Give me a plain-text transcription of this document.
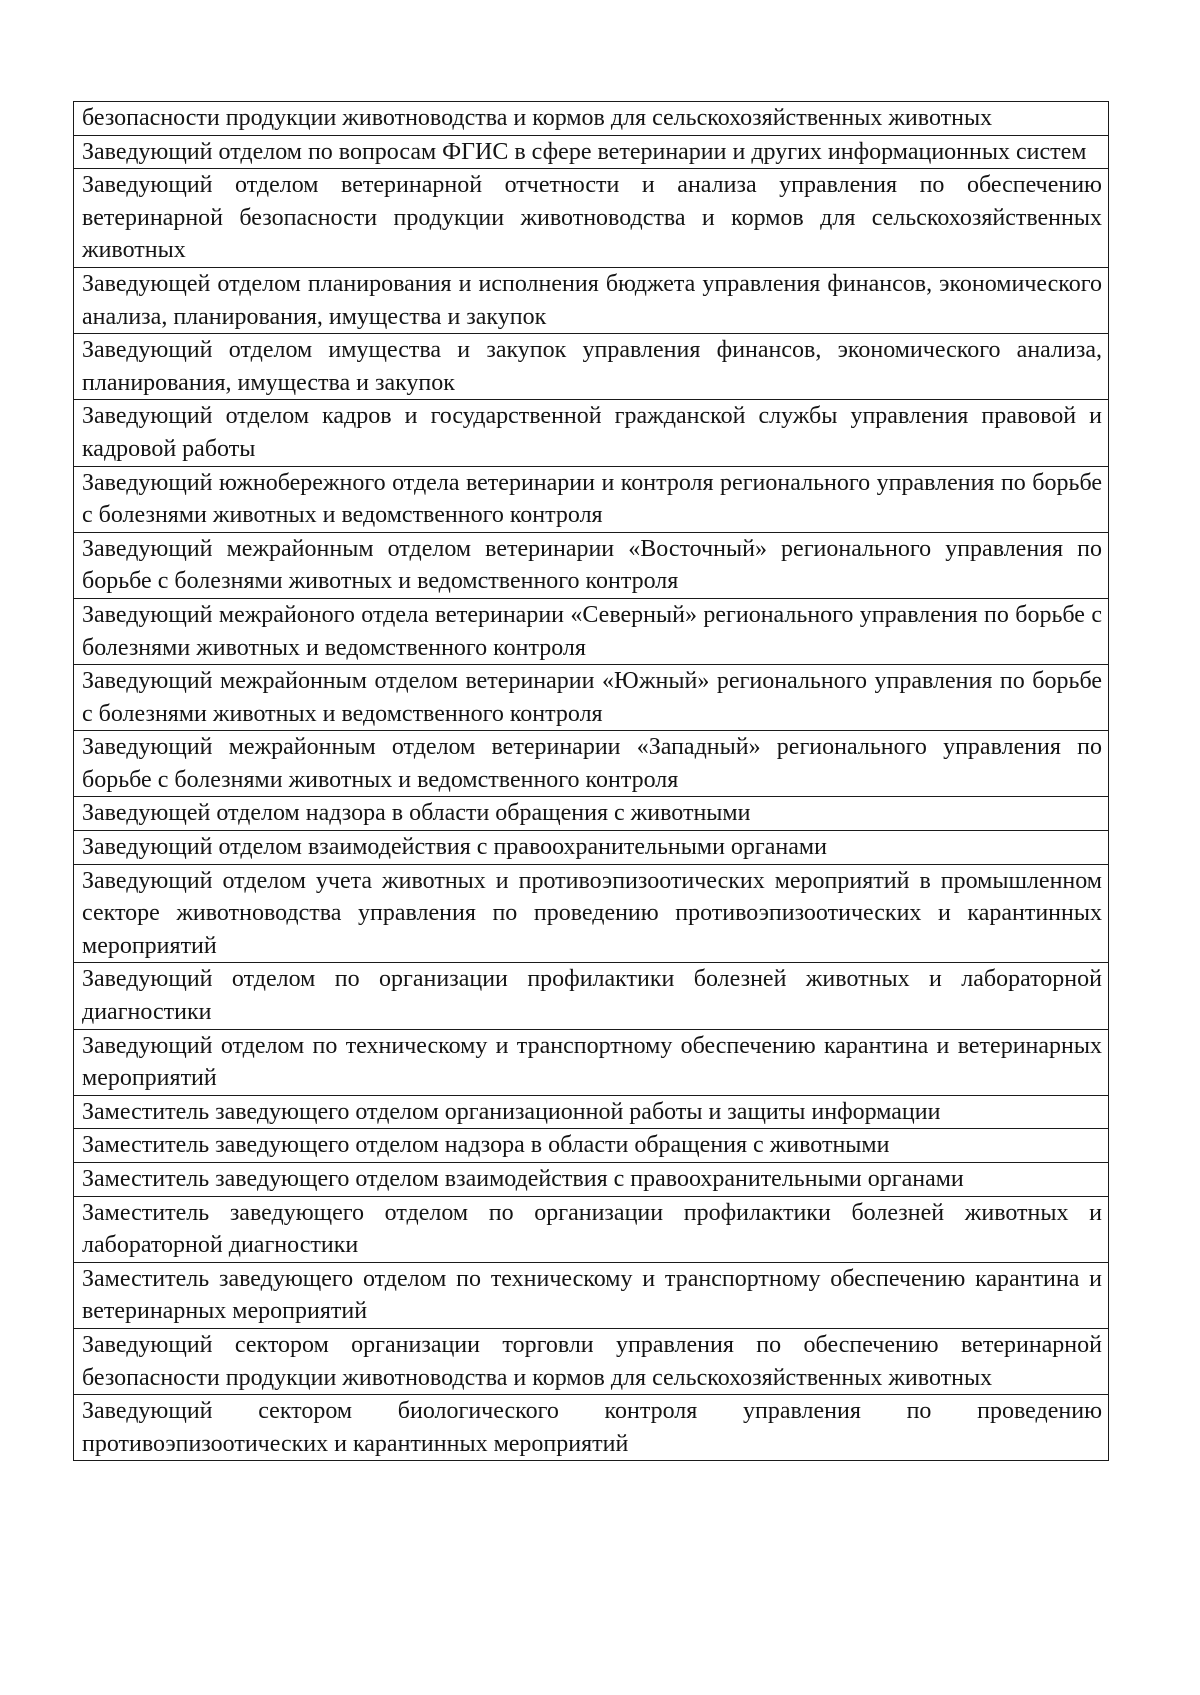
безопасности продукции животноводства и кормов для сельскохозяйственных животных
Заведующий отделом по вопросам ФГИС в сфере ветеринарии и других информационных систем
Заведующий отделом ветеринарной отчетности и анализа управления по обеспечению ветеринарной безопасности продукции животноводства и кормов для сельскохозяйственных животных
Заведующей отделом планирования и исполнения бюджета управления финансов, экономического анализа, планирования, имущества и закупок
Заведующий отделом имущества и закупок управления финансов, экономического анализа, планирования, имущества и закупок
Заведующий отделом кадров и государственной гражданской службы управления правовой и кадровой работы
Заведующий южнобережного отдела ветеринарии и контроля регионального управления по борьбе с болезнями животных и ведомственного контроля
Заведующий межрайонным отделом ветеринарии «Восточный» регионального управления по борьбе с болезнями животных и ведомственного контроля
Заведующий межрайоного отдела ветеринарии «Северный» регионального управления по борьбе с болезнями животных и ведомственного контроля
Заведующий межрайонным отделом ветеринарии «Южный» регионального управления по борьбе с болезнями животных и ведомственного контроля
Заведующий межрайонным отделом ветеринарии «Западный» регионального управления по борьбе с болезнями животных и ведомственного контроля
Заведующей отделом надзора в области обращения с животными
Заведующий отделом взаимодействия с правоохранительными органами
Заведующий отделом учета животных и противоэпизоотических мероприятий в промышленном секторе животноводства управления по проведению противоэпизоотических и карантинных мероприятий
Заведующий отделом по организации профилактики болезней животных и лабораторной диагностики
Заведующий отделом по техническому и транспортному обеспечению карантина и ветеринарных мероприятий
Заместитель заведующего отделом организационной работы и защиты информации
Заместитель заведующего отделом надзора в области обращения с животными
Заместитель заведующего отделом взаимодействия с правоохранительными органами
Заместитель заведующего отделом по организации профилактики болезней животных и лабораторной диагностики
Заместитель заведующего отделом по техническому и транспортному обеспечению карантина и ветеринарных мероприятий
Заведующий сектором организации торговли управления по обеспечению ветеринарной безопасности продукции животноводства и кормов для сельскохозяйственных животных
Заведующий сектором биологического контроля управления по проведению противоэпизоотических и карантинных мероприятий
